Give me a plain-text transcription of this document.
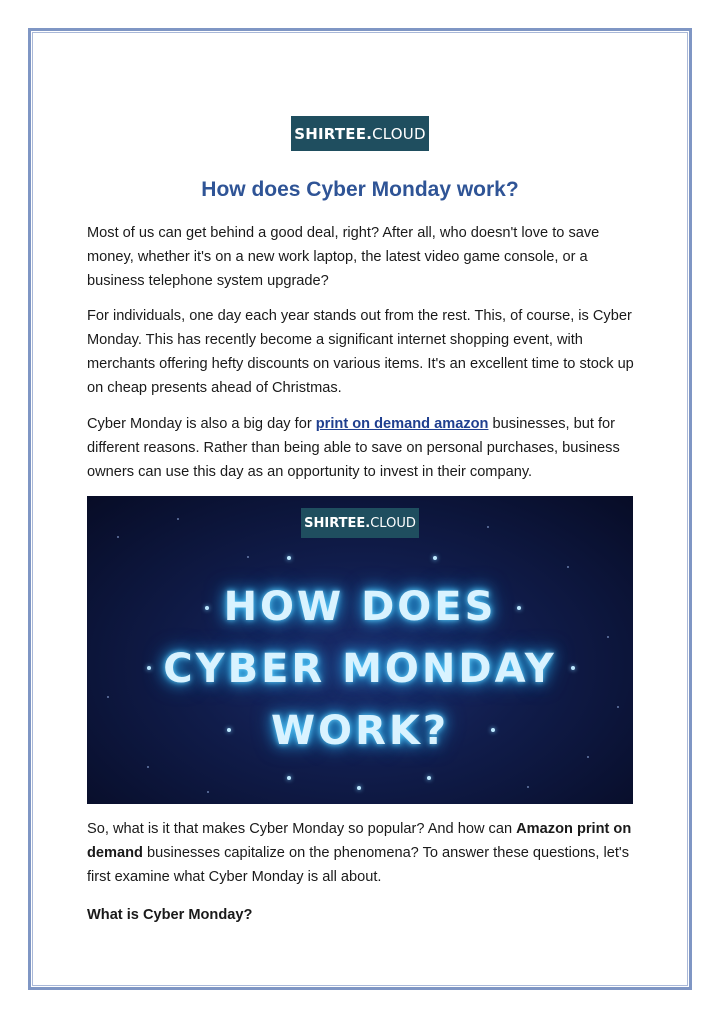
SHIRTEE . CLOUD
How does Cyber Monday work?

Most of us can get behind a good deal, right? After all, who doesn't love to save money, whether it's on a new work laptop, the latest video game console, or a business telephone system upgrade?

For individuals, one day each year stands out from the rest. This, of course, is Cyber Monday. This has recently become a significant internet shopping event, with merchants offering hefty discounts on various items. It's an excellent time to stock up on cheap presents ahead of Christmas.

Cyber Monday is also a big day for print on demand amazon businesses, but for different reasons. Rather than being able to save on personal purchases, business owners can use this day as an opportunity to invest in their company.

SHIRTEE . CLOUD
HOW DOES
CYBER MONDAY
WORK?

So, what is it that makes Cyber Monday so popular? And how can Amazon print on demand businesses capitalize on the phenomena? To answer these questions, let's first examine what Cyber Monday is all about.

What is Cyber Monday?
